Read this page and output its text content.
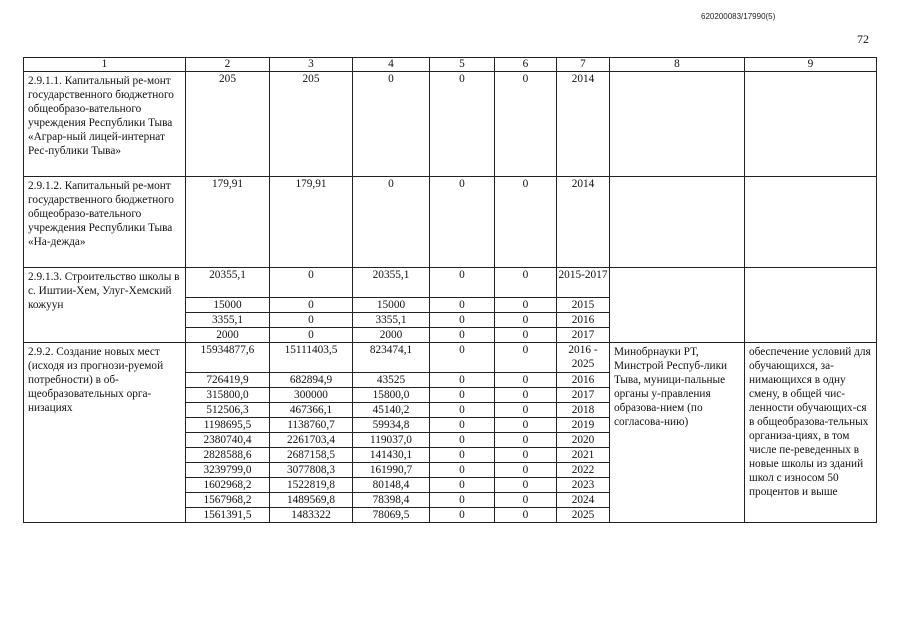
620200083/17990(5)
72
1	2	3	4	5	6	7	8	9
2.9.1.1. Капитальный ре-монт государственного бюджетного общеобразо-вательного учреждения Республики Тыва «Аграр-ный лицей-интернат Рес-публики Тыва»	205	205	0	0	0	2014		
2.9.1.2. Капитальный ре-монт государственного бюджетного общеобразо-вательного учреждения Республики Тыва «На-дежда»	179,91	179,91	0	0	0	2014		
2.9.1.3. Строительство школы в с. Иштии-Хем, Улуг-Хемский кожуун	20355,1	0	20355,1	0	0	2015-2017		
	15000	0	15000	0	0	2015		
	3355,1	0	3355,1	0	0	2016		
	2000	0	2000	0	0	2017		
2.9.2. Создание новых мест (исходя из прогнози-руемой потребности) в об-щеобразовательных орга-низациях	15934877,6	15111403,5	823474,1	0	0	2016 - 2025	Минобрнауки РТ, Минстрой Респуб-лики Тыва, муници-пальные органы у-правления образова-нием (по согласова-нию)	обеспечение условий для обучающихся, за-нимающихся в одну смену, в общей чис-ленности обучающих-ся в общеобразова-тельных организа-циях, в том числе пе-реведенных в новые школы из зданий школ с износом 50 процентов и выше
	726419,9	682894,9	43525	0	0	2016		
	315800,0	300000	15800,0	0	0	2017		
	512506,3	467366,1	45140,2	0	0	2018		
	1198695,5	1138760,7	59934,8	0	0	2019		
	2380740,4	2261703,4	119037,0	0	0	2020		
	2828588,6	2687158,5	141430,1	0	0	2021		
	3239799,0	3077808,3	161990,7	0	0	2022		
	1602968,2	1522819,8	80148,4	0	0	2023		
	1567968,2	1489569,8	78398,4	0	0	2024		
	1561391,5	1483322	78069,5	0	0	2025		
